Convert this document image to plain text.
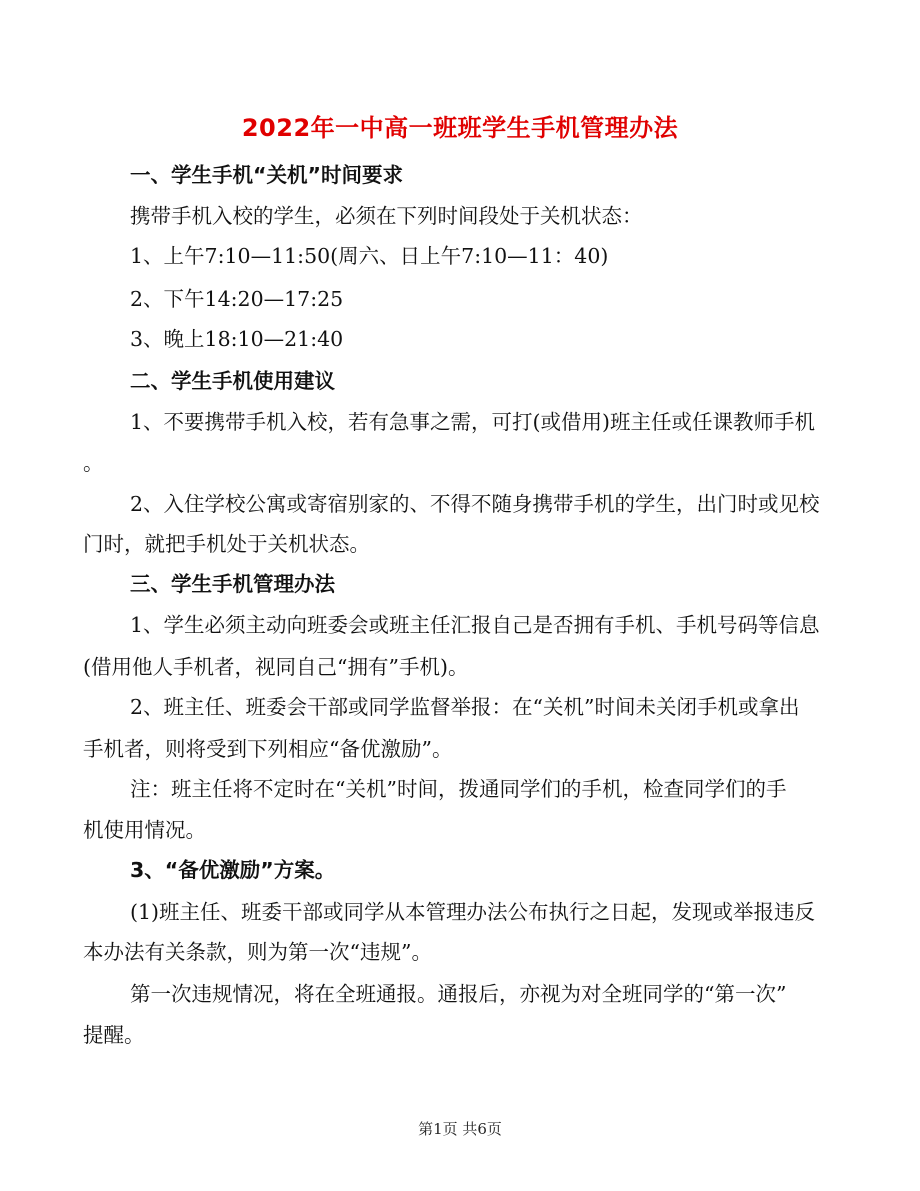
2022年一中高一班班学生手机管理办法
一、学生手机“关机”时间要求
携带手机入校的学生，必须在下列时间段处于关机状态：
1、上午7:10—11:50(周六、日上午7:10—11：40)
2、下午14:20—17:25
3、晚上18:10—21:40
二、学生手机使用建议
1、不要携带手机入校，若有急事之需，可打(或借用)班主任或任课教师手机
。
2、入住学校公寓或寄宿别家的、不得不随身携带手机的学生，出门时或见校
门时，就把手机处于关机状态。
三、学生手机管理办法
1、学生必须主动向班委会或班主任汇报自己是否拥有手机、手机号码等信息
(借用他人手机者，视同自己“拥有”手机)。
2、班主任、班委会干部或同学监督举报：在“关机”时间未关闭手机或拿出
手机者，则将受到下列相应“备优激励”。
注：班主任将不定时在“关机”时间，拨通同学们的手机，检查同学们的手
机使用情况。
3、“备优激励”方案。
(1)班主任、班委干部或同学从本管理办法公布执行之日起，发现或举报违反
本办法有关条款，则为第一次“违规”。
第一次违规情况，将在全班通报。通报后，亦视为对全班同学的“第一次”
提醒。
第1页 共6页
